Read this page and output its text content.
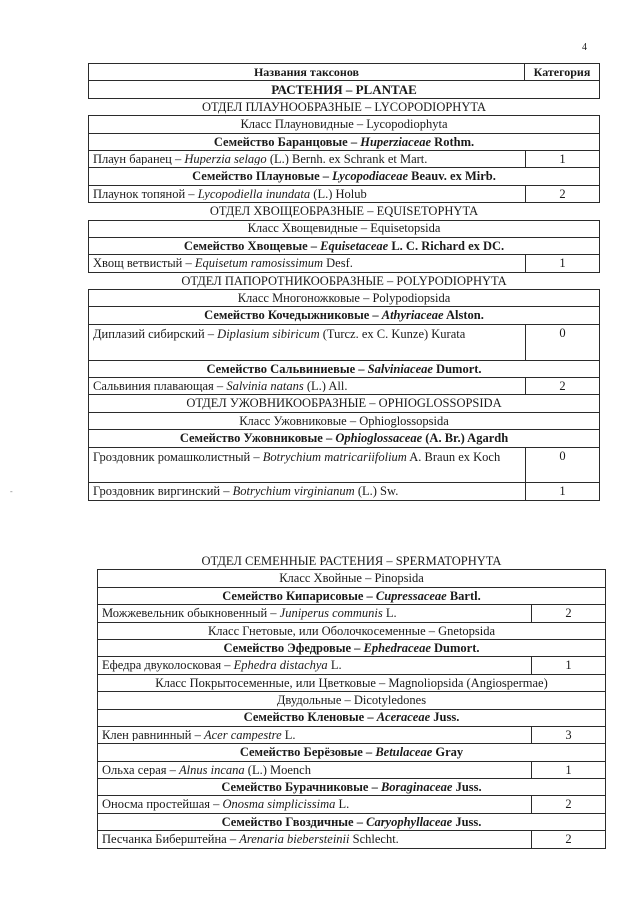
4
-
Названия таксонов	Категория
РАСТЕНИЯ – PLANTAE
ОТДЕЛ ПЛАУНООБРАЗНЫЕ – LYCOPODIOPHYTA
Класс Плауновидные – Lycopodiophyta
Семейство Баранцовые – Huperziaceae Rothm.
Плаун баранец – Huperzia selago (L.) Bernh. ex Schrank et Mart.	1
Семейство Плауновые – Lycopodiaceae Beauv. ex Mirb.
Плаунок топяной – Lycopodiella inundata (L.) Holub	2
ОТДЕЛ ХВОЩЕОБРАЗНЫЕ – EQUISETOPHYTA
Класс Хвощевидные – Equisetopsida
Семейство Хвощевые – Equisetaceae L. C. Richard ex DC.
Хвощ ветвистый – Equisetum ramosissimum Desf.	1
ОТДЕЛ ПАПОРОТНИКООБРАЗНЫЕ – POLYPODIOPHYTA
Класс Многоножковые – Polypodiopsida
Семейство Кочедыжниковые – Athyriaceae Alston.
Диплазий сибирский – Diplasium sibiricum (Turcz. ex C. Kunze) Kurata	0
Семейство Сальвиниевые – Salviniaceae Dumort.
Сальвиния плавающая – Salvinia natans (L.) All.	2
ОТДЕЛ УЖОВНИКООБРАЗНЫЕ – OPHIOGLOSSOPSIDA
Класс Ужовниковые – Ophioglossopsida
Семейство Ужовниковые – Ophioglossaceae (A. Br.) Agardh
Гроздовник ромашколистный – Botrychium matricariifolium A. Braun ex Koch	0
Гроздовник виргинский – Botrychium virginianum (L.) Sw.	1
ОТДЕЛ СЕМЕННЫЕ РАСТЕНИЯ – SPERMATOPHYTA
Класс Хвойные – Pinopsida
Семейство Кипарисовые – Cupressaceae Bartl.
Можжевельник обыкновенный – Juniperus communis L.	2
Класс Гнетовые, или Оболочкосеменные – Gnetopsida
Семейство Эфедровые – Ephedraceae Dumort.
Ефедра двуколосковая – Ephedra distachya L.	1
Класс Покрытосеменные, или Цветковые – Magnoliopsida (Angiospermae)
Двудольные – Dicotyledones
Семейство Кленовые – Aceraceae Juss.
Клен равнинный – Acer campestre L.	3
Семейство Берёзовые – Betulaceae Gray
Ольха серая – Alnus incana (L.) Moench	1
Семейство Бурачниковые – Boraginaceae Juss.
Оносма простейшая – Onosma simplicissima L.	2
Семейство Гвоздичные – Caryophyllaceae Juss.
Песчанка Биберштейна – Arenaria biebersteinii Schlecht.	2
